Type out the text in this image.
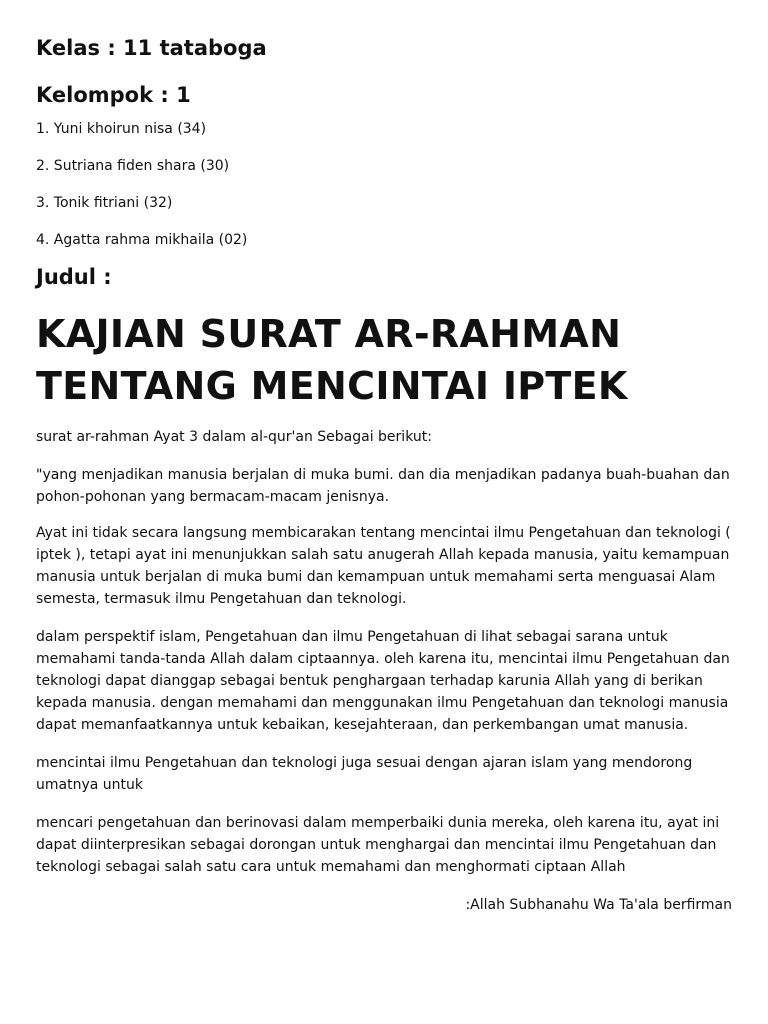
Kelas : 11 tataboga
Kelompok : 1
1. Yuni khoirun nisa (34)
2. Sutriana fiden shara (30)
3. Tonik fitriani (32)
4. Agatta rahma mikhaila (02)
Judul :
KAJIAN SURAT AR-RAHMAN
TENTANG MENCINTAI IPTEK

surat ar-rahman Ayat 3 dalam al-qur'an Sebagai berikut:

"yang menjadikan manusia berjalan di muka bumi. dan dia menjadikan padanya buah-buahan dan pohon-pohonan yang bermacam-macam jenisnya.

Ayat ini tidak secara langsung membicarakan tentang mencintai ilmu Pengetahuan dan teknologi ( iptek ), tetapi ayat ini menunjukkan salah satu anugerah Allah kepada manusia, yaitu kemampuan manusia untuk berjalan di muka bumi dan kemampuan untuk memahami serta menguasai Alam semesta, termasuk ilmu Pengetahuan dan teknologi.

dalam perspektif islam, Pengetahuan dan ilmu Pengetahuan di lihat sebagai sarana untuk memahami tanda-tanda Allah dalam ciptaannya. oleh karena itu, mencintai ilmu Pengetahuan dan teknologi dapat dianggap sebagai bentuk penghargaan terhadap karunia Allah yang di berikan kepada manusia. dengan memahami dan menggunakan ilmu Pengetahuan dan teknologi manusia dapat memanfaatkannya untuk kebaikan, kesejahteraan, dan perkembangan umat manusia.

mencintai ilmu Pengetahuan dan teknologi juga sesuai dengan ajaran islam yang mendorong umatnya untuk

mencari pengetahuan dan berinovasi dalam memperbaiki dunia mereka, oleh karena itu, ayat ini dapat diinterpresikan sebagai dorongan untuk menghargai dan mencintai ilmu Pengetahuan dan teknologi sebagai salah satu cara untuk memahami dan menghormati ciptaan Allah

:Allah Subhanahu Wa Ta'ala berfirman
